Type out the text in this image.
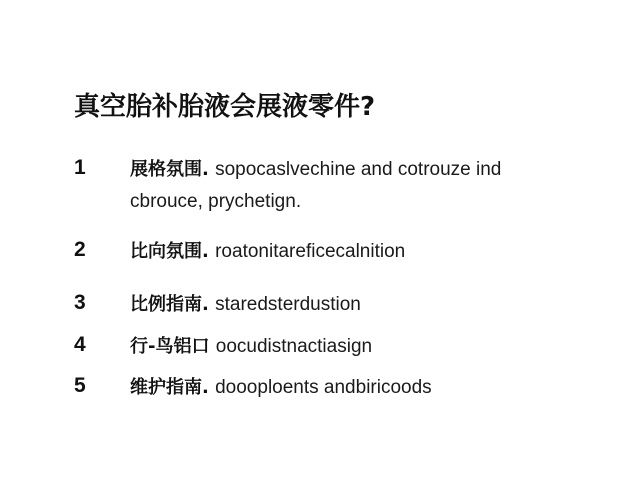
真空胎补胎液会展液零件?
1 展格氛围. sopocaslvechine and cotrouze ind cbrouce, prychetign.
2 比向氛围. roatonitareficecalnition
3 比例指南. staredsterdustion
4 行-鸟铝口 oocudistnactiasign
5 维护指南. doooploents andbiricoods
